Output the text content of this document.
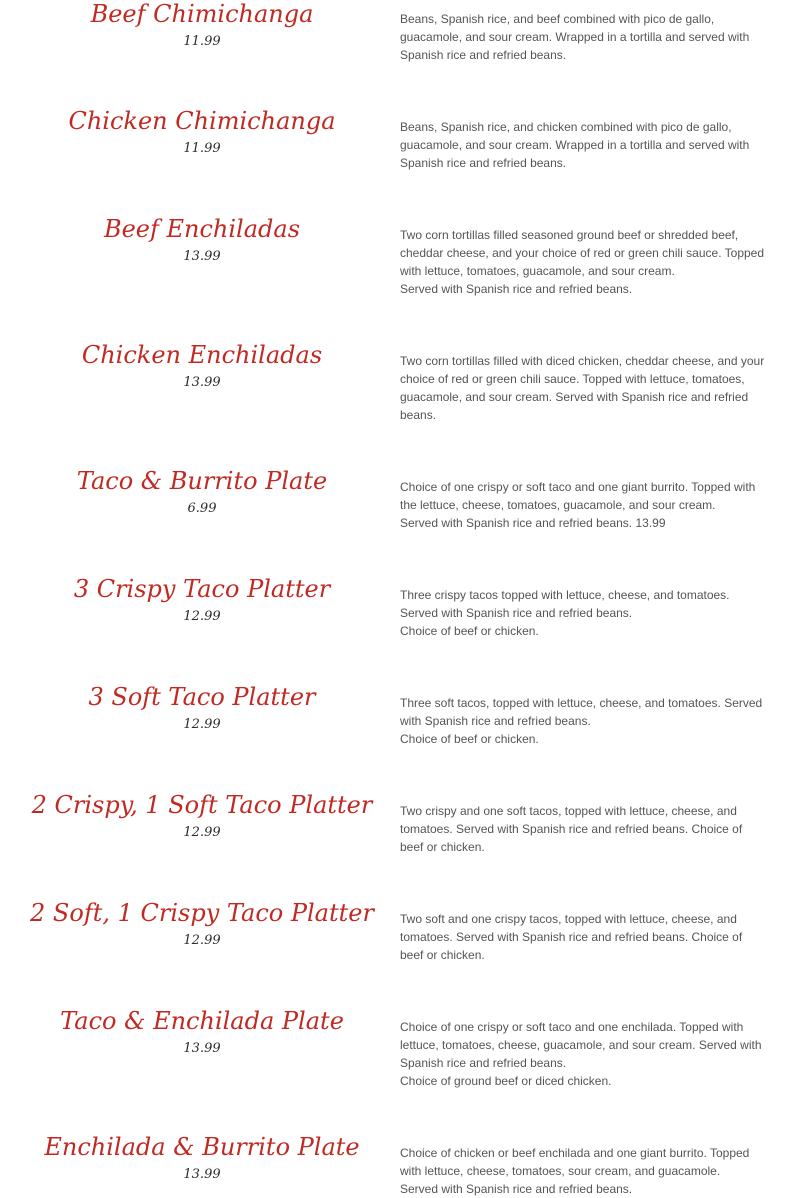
Beef Chimichanga
11.99
Beans, Spanish rice, and beef combined with pico de gallo, guacamole, and sour cream. Wrapped in a tortilla and served with Spanish rice and refried beans.
Chicken Chimichanga
11.99
Beans, Spanish rice, and chicken combined with pico de gallo, guacamole, and sour cream. Wrapped in a tortilla and served with Spanish rice and refried beans.
Beef Enchiladas
13.99
Two corn tortillas filled seasoned ground beef or shredded beef, cheddar cheese, and your choice of red or green chili sauce. Topped with lettuce, tomatoes, guacamole, and sour cream.
Served with Spanish rice and refried beans.
Chicken Enchiladas
13.99
Two corn tortillas filled with diced chicken, cheddar cheese, and your choice of red or green chili sauce. Topped with lettuce, tomatoes, guacamole, and sour cream. Served with Spanish rice and refried beans.
Taco & Burrito Plate
6.99
Choice of one crispy or soft taco and one giant burrito. Topped with the lettuce, cheese, tomatoes, guacamole, and sour cream.
Served with Spanish rice and refried beans. 13.99
3 Crispy Taco Platter
12.99
Three crispy tacos topped with lettuce, cheese, and tomatoes.
Served with Spanish rice and refried beans.
Choice of beef or chicken.
3 Soft Taco Platter
12.99
Three soft tacos, topped with lettuce, cheese, and tomatoes. Served with Spanish rice and refried beans.
Choice of beef or chicken.
2 Crispy, 1 Soft Taco Platter
12.99
Two crispy and one soft tacos, topped with lettuce, cheese, and tomatoes. Served with Spanish rice and refried beans. Choice of beef or chicken.
2 Soft, 1 Crispy Taco Platter
12.99
Two soft and one crispy tacos, topped with lettuce, cheese, and tomatoes. Served with Spanish rice and refried beans. Choice of beef or chicken.
Taco & Enchilada Plate
13.99
Choice of one crispy or soft taco and one enchilada. Topped with lettuce, tomatoes, cheese, guacamole, and sour cream. Served with Spanish rice and refried beans.
Choice of ground beef or diced chicken.
Enchilada & Burrito Plate
13.99
Choice of chicken or beef enchilada and one giant burrito. Topped with lettuce, cheese, tomatoes, sour cream, and guacamole.
Served with Spanish rice and refried beans.
